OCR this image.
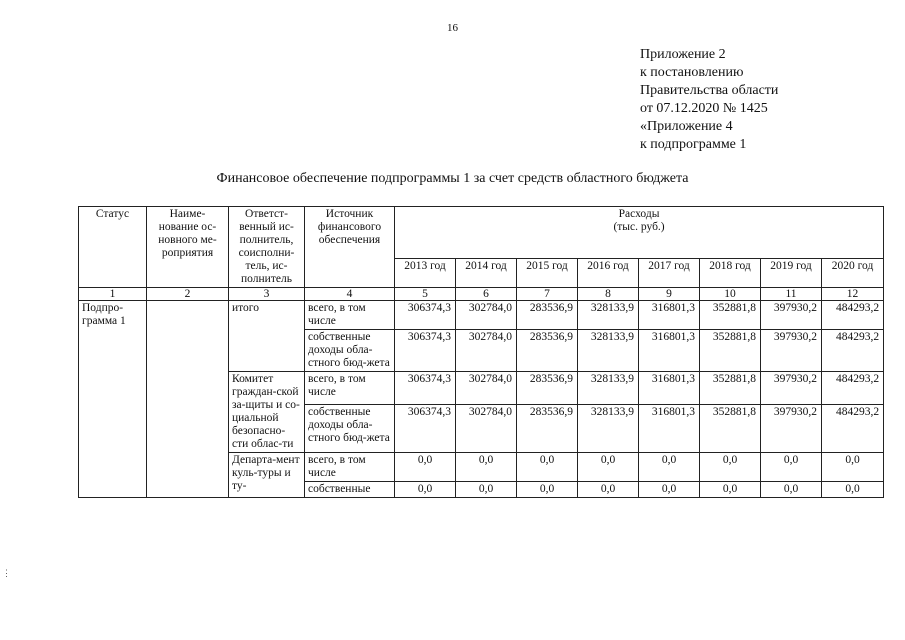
16
Приложение 2
к постановлению
Правительства области
от 07.12.2020 № 1425
«Приложение 4
к подпрограмме 1
Финансовое обеспечение подпрограммы 1 за счет средств областного бюджета
Статус	Наиме-нование ос-новного ме-роприятия	Ответст-венный ис-полнитель, соисполни-тель, ис-полнитель	Источник финансового обеспечения	Расходы
(тыс. руб.)							

				2013 год	2014 год	2015 год	2016 год	2017 год	2018 год	2019 год	2020 год
1	2	3	4	5	6	7	8	9	10	11	12
Подпро-грамма 1		итого	всего, в том числе	306374,3	302784,0	283536,9	328133,9	316801,3	352881,8	397930,2	484293,2
			собственные доходы обла-стного бюд-жета	306374,3	302784,0	283536,9	328133,9	316801,3	352881,8	397930,2	484293,2
		Комитет граждан-ской за-щиты и со-циальной безопасно-сти облас-ти	всего, в том числе	306374,3	302784,0	283536,9	328133,9	316801,3	352881,8	397930,2	484293,2
			собственные доходы обла-стного бюд-жета	306374,3	302784,0	283536,9	328133,9	316801,3	352881,8	397930,2	484293,2
		Департа-мент куль-туры и ту-	всего, в том числе	0,0	0,0	0,0	0,0	0,0	0,0	0,0	0,0
			собственные	0,0	0,0	0,0	0,0	0,0	0,0	0,0	0,0
⋮
